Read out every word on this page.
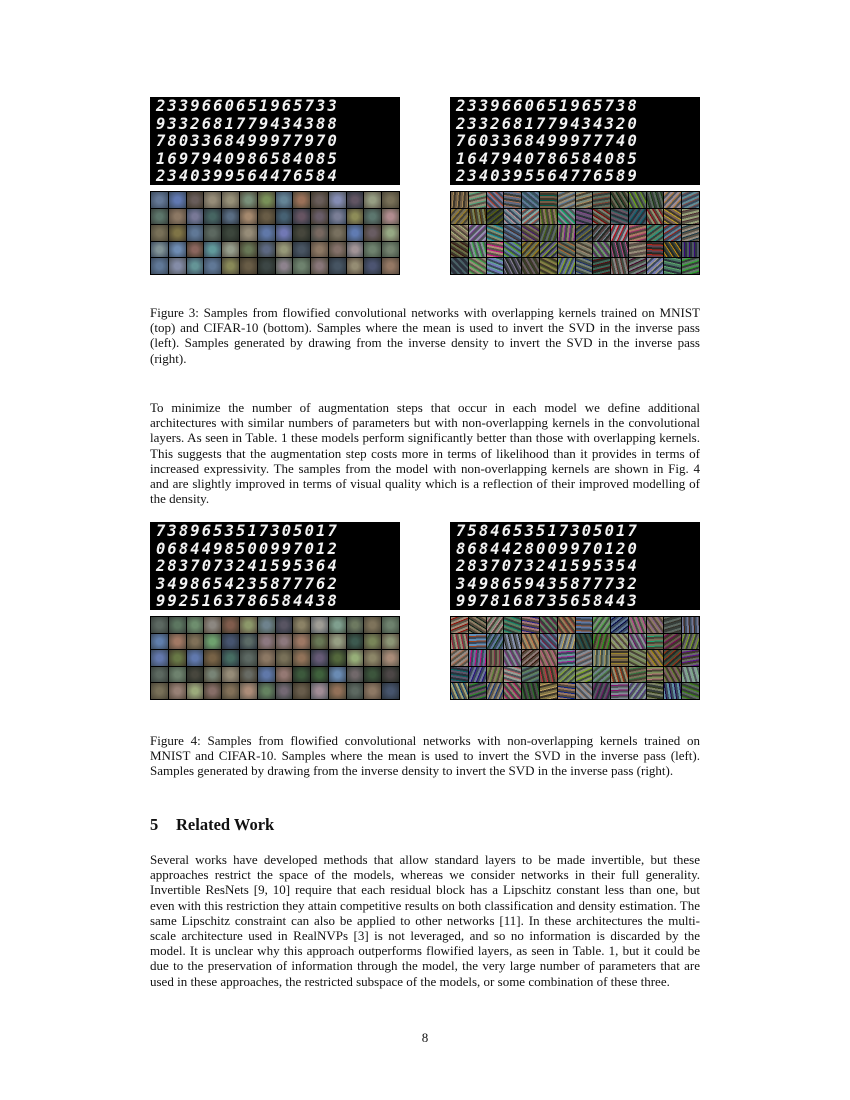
2339660651965733
9332681779434388
7803368499977970
1697940986584085
2340399564476584
2339660651965738
2332681779434320
7603368499977740
1647940786584085
2340395564776589
Figure 3: Samples from flowified convolutional networks with overlapping kernels trained on MNIST (top) and CIFAR-10 (bottom). Samples where the mean is used to invert the SVD in the inverse pass (left). Samples generated by drawing from the inverse density to invert the SVD in the inverse pass (right).
To minimize the number of augmentation steps that occur in each model we define additional architectures with similar numbers of parameters but with non-overlapping kernels in the convolutional layers. As seen in Table. 1 these models perform significantly better than those with overlapping kernels. This suggests that the augmentation step costs more in terms of likelihood than it provides in terms of increased expressivity. The samples from the model with non-overlapping kernels are shown in Fig. 4 and are slightly improved in terms of visual quality which is a reflection of their improved modelling of the density.
7389653517305017
0684498500997012
2837073241595364
3498654235877762
9925163786584438
7584653517305017
8684428009970120
2837073241595354
3498659435877732
9978168735658443
Figure 4: Samples from flowified convolutional networks with non-overlapping kernels trained on MNIST and CIFAR-10. Samples where the mean is used to invert the SVD in the inverse pass (left). Samples generated by drawing from the inverse density to invert the SVD in the inverse pass (right).
5 Related Work
Several works have developed methods that allow standard layers to be made invertible, but these approaches restrict the space of the models, whereas we consider networks in their full generality. Invertible ResNets [9, 10] require that each residual block has a Lipschitz constant less than one, but even with this restriction they attain competitive results on both classification and density estimation. The same Lipschitz constraint can also be applied to other networks [11]. In these architectures the multi-scale architecture used in RealNVPs [3] is not leveraged, and so no information is discarded by the model. It is unclear why this approach outperforms flowified layers, as seen in Table. 1, but it could be due to the preservation of information through the model, the very large number of parameters that are used in these approaches, the restricted subspace of the models, or some combination of these three.
8
